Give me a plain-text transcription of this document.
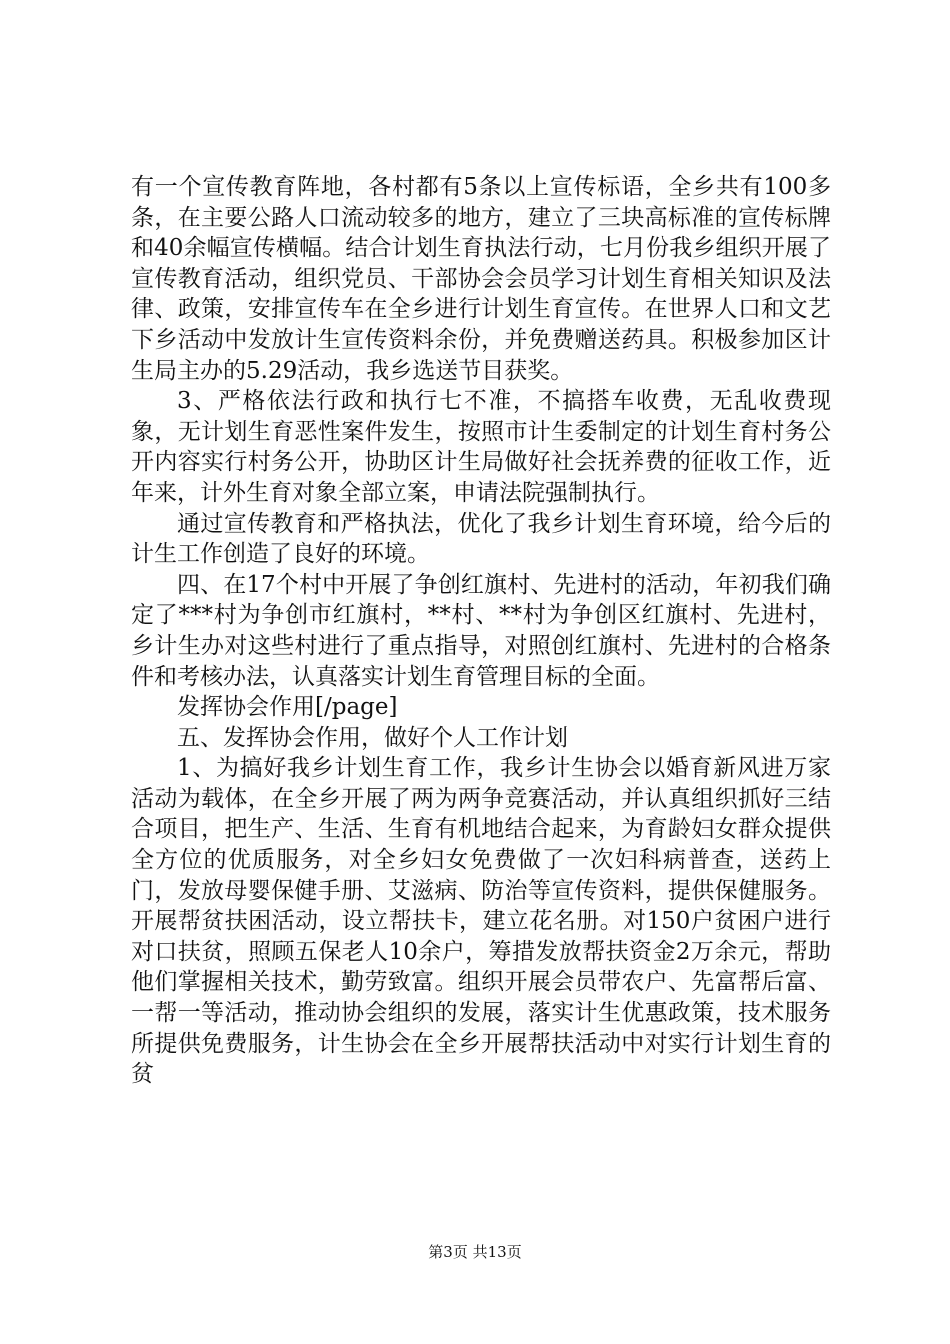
有一个宣传教育阵地，各村都有5条以上宣传标语，全乡共有100多条，在主要公路人口流动较多的地方，建立了三块高标准的宣传标牌和40余幅宣传横幅。结合计划生育执法行动，七月份我乡组织开展了宣传教育活动，组织党员、干部协会会员学习计划生育相关知识及法律、政策，安排宣传车在全乡进行计划生育宣传。在世界人口和文艺下乡活动中发放计生宣传资料余份，并免费赠送药具。积极参加区计生局主办的5.29活动，我乡选送节目获奖。

3、严格依法行政和执行七不准，不搞搭车收费，无乱收费现象，无计划生育恶性案件发生，按照市计生委制定的计划生育村务公开内容实行村务公开，协助区计生局做好社会抚养费的征收工作，近年来，计外生育对象全部立案，申请法院强制执行。

通过宣传教育和严格执法，优化了我乡计划生育环境，给今后的计生工作创造了良好的环境。

四、在17个村中开展了争创红旗村、先进村的活动，年初我们确定了***村为争创市红旗村，**村、**村为争创区红旗村、先进村，乡计生办对这些村进行了重点指导，对照创红旗村、先进村的合格条件和考核办法，认真落实计划生育管理目标的全面。

发挥协会作用[/page]

五、发挥协会作用，做好个人工作计划

1、为搞好我乡计划生育工作，我乡计生协会以婚育新风进万家活动为载体，在全乡开展了两为两争竞赛活动，并认真组织抓好三结合项目，把生产、生活、生育有机地结合起来，为育龄妇女群众提供全方位的优质服务，对全乡妇女免费做了一次妇科病普查，送药上门，发放母婴保健手册、艾滋病、防治等宣传资料，提供保健服务。开展帮贫扶困活动，设立帮扶卡，建立花名册。对150户贫困户进行对口扶贫，照顾五保老人10余户，筹措发放帮扶资金2万余元，帮助他们掌握相关技术，勤劳致富。组织开展会员带农户、先富帮后富、一帮一等活动，推动协会组织的发展，落实计生优惠政策，技术服务所提供免费服务，计生协会在全乡开展帮扶活动中对实行计划生育的贫

第3页 共13页
